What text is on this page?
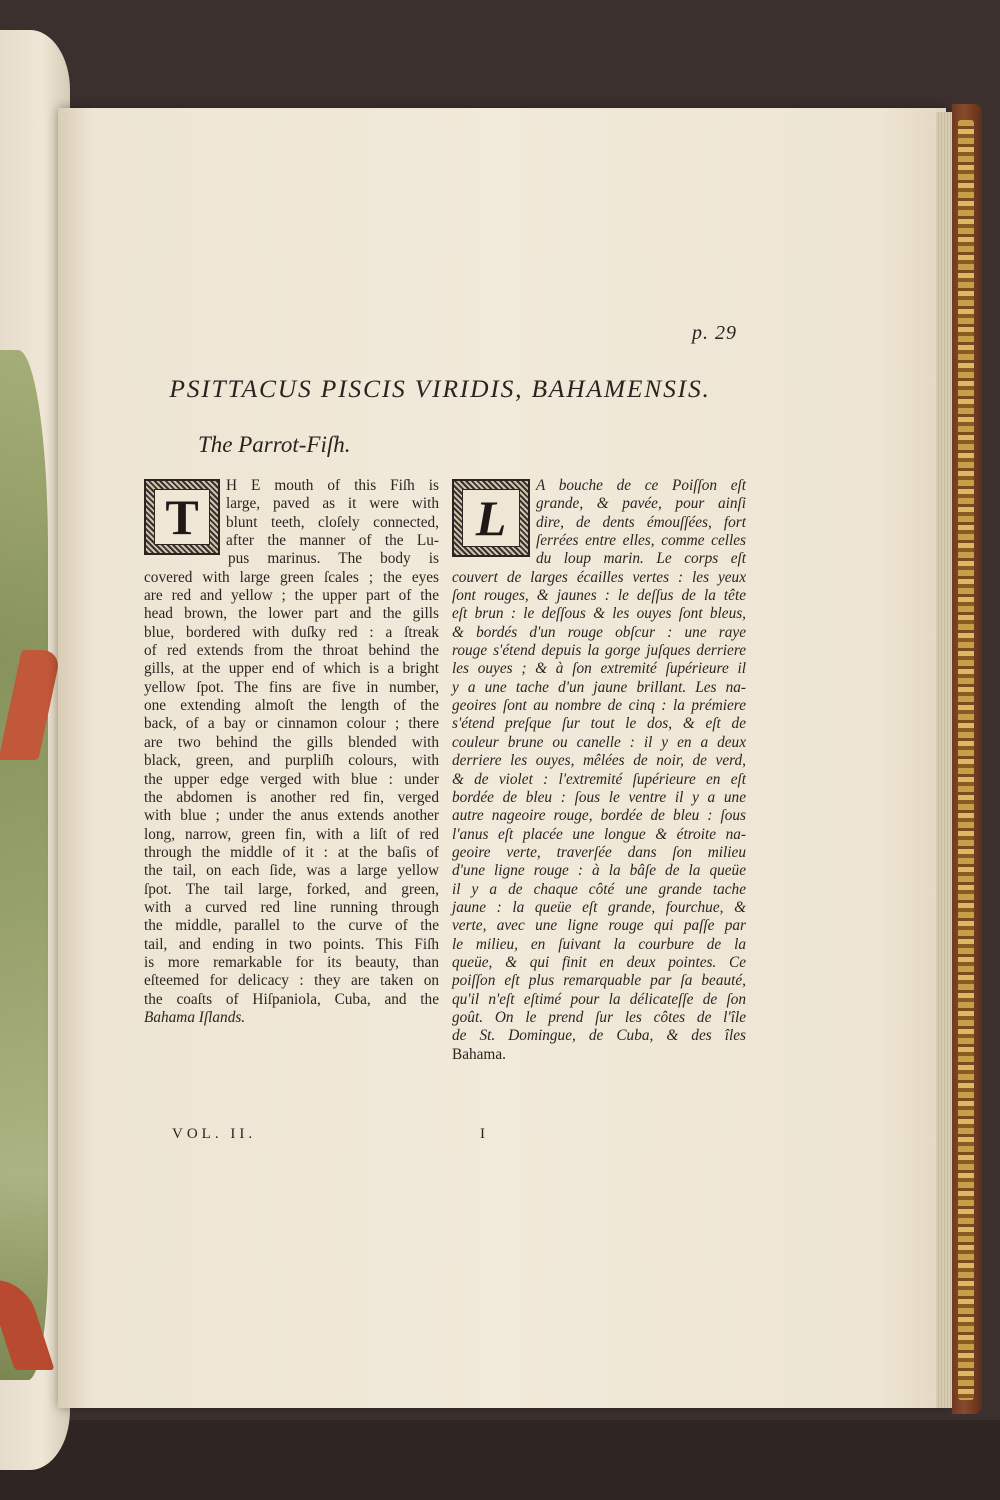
p. 29
PSITTACUS PISCIS VIRIDIS, BAHAMENSIS.
The Parrot-Fiſh.
T
H E mouth of this Fiſh is
large, paved as it were with
blunt teeth, cloſely connected,
after the manner of the Lu-
pus marinus. The body is
covered with large green ſcales ; the eyes
are red and yellow ; the upper part of the
head brown, the lower part and the gills
blue, bordered with duſky red : a ſtreak
of red extends from the throat behind the
gills, at the upper end of which is a bright
yellow ſpot. The fins are five in number,
one extending almoſt the length of the
back, of a bay or cinnamon colour ; there
are two behind the gills blended with
black, green, and purpliſh colours, with
the upper edge verged with blue : under
the abdomen is another red fin, verged
with blue ; under the anus extends another
long, narrow, green fin, with a liſt of red
through the middle of it : at the baſis of
the tail, on each ſide, was a large yellow
ſpot. The tail large, forked, and green,
with a curved red line running through
the middle, parallel to the curve of the
tail, and ending in two points. This Fiſh
is more remarkable for its beauty, than
eſteemed for delicacy : they are taken on
the coaſts of Hiſpaniola, Cuba, and the
Bahama Iſlands.
L
A bouche de ce Poiſſon eſt
grande, & pavée, pour ainſi
dire, de dents émouſſées, fort
ſerrées entre elles, comme celles
du loup marin. Le corps eſt
couvert de larges écailles vertes : les yeux
ſont rouges, & jaunes : le deſſus de la tête
eſt brun : le deſſous & les ouyes ſont bleus,
& bordés d'un rouge obſcur : une raye
rouge s'étend depuis la gorge juſques derriere
les ouyes ; & à ſon extremité ſupérieure il
y a une tache d'un jaune brillant. Les na-
geoires ſont au nombre de cinq : la prémiere
s'étend preſque ſur tout le dos, & eſt de
couleur brune ou canelle : il y en a deux
derriere les ouyes, mêlées de noir, de verd,
& de violet : l'extremité ſupérieure en eſt
bordée de bleu : ſous le ventre il y a une
autre nageoire rouge, bordée de bleu : ſous
l'anus eſt placée une longue & étroite na-
geoire verte, traverſée dans ſon milieu
d'une ligne rouge : à la bâſe de la queüe
il y a de chaque côté une grande tache
jaune : la queüe eſt grande, fourchue, &
verte, avec une ligne rouge qui paſſe par
le milieu, en ſuivant la courbure de la
queüe, & qui finit en deux pointes. Ce
poiſſon eſt plus remarquable par ſa beauté,
qu'il n'eſt eſtimé pour la délicateſſe de ſon
goût. On le prend ſur les côtes de l'île
de St. Domingue, de Cuba, & des îles
Bahama.
VOL. II.	I
